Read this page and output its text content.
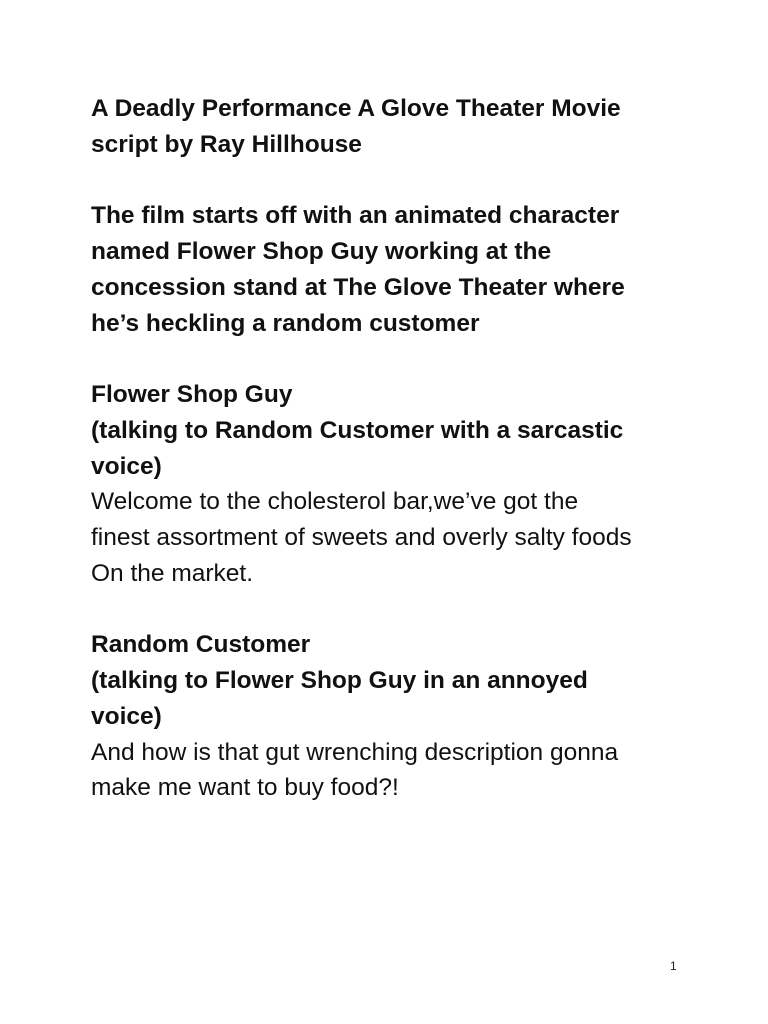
A Deadly Performance A Glove Theater Movie
script by Ray Hillhouse
The film starts off with an animated character
named Flower Shop Guy working at the
concession stand at The Glove Theater where
he’s heckling a random customer
Flower Shop Guy
(talking to Random Customer with a sarcastic
voice)
Welcome to the cholesterol bar,we’ve got the
finest assortment of sweets and overly salty foods
On the market.
Random Customer
(talking to Flower Shop Guy in an annoyed
voice)
And how is that gut wrenching description gonna
make me want to buy food?!
1
